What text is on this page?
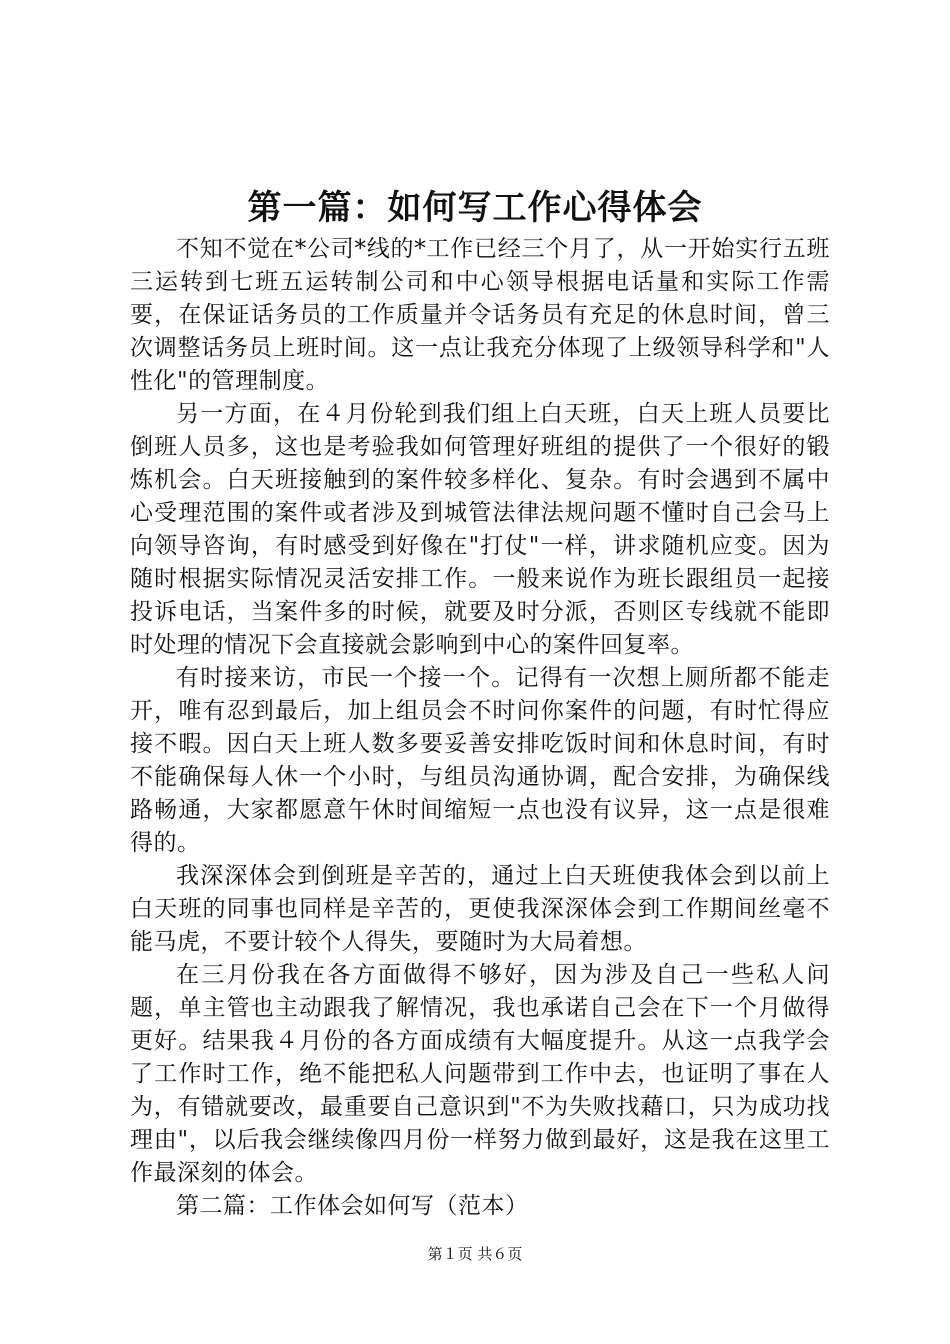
第一篇：如何写工作心得体会

不知不觉在*公司*线的*工作已经三个月了，从一开始实行五班三运转到七班五运转制公司和中心领导根据电话量和实际工作需要，在保证话务员的工作质量并令话务员有充足的休息时间，曾三次调整话务员上班时间。这一点让我充分体现了上级领导科学和"人性化"的管理制度。

另一方面，在４月份轮到我们组上白天班，白天上班人员要比倒班人员多，这也是考验我如何管理好班组的提供了一个很好的锻炼机会。白天班接触到的案件较多样化、复杂。有时会遇到不属中心受理范围的案件或者涉及到城管法律法规问题不懂时自己会马上向领导咨询，有时感受到好像在"打仗"一样，讲求随机应变。因为随时根据实际情况灵活安排工作。一般来说作为班长跟组员一起接投诉电话，当案件多的时候，就要及时分派，否则区专线就不能即时处理的情况下会直接就会影响到中心的案件回复率。

有时接来访，市民一个接一个。记得有一次想上厕所都不能走开，唯有忍到最后，加上组员会不时问你案件的问题，有时忙得应接不暇。因白天上班人数多要妥善安排吃饭时间和休息时间，有时不能确保每人休一个小时，与组员沟通协调，配合安排，为确保线路畅通，大家都愿意午休时间缩短一点也没有议异，这一点是很难得的。

我深深体会到倒班是辛苦的，通过上白天班使我体会到以前上白天班的同事也同样是辛苦的，更使我深深体会到工作期间丝毫不能马虎，不要计较个人得失，要随时为大局着想。

在三月份我在各方面做得不够好，因为涉及自己一些私人问题，单主管也主动跟我了解情况，我也承诺自己会在下一个月做得更好。结果我４月份的各方面成绩有大幅度提升。从这一点我学会了工作时工作，绝不能把私人问题带到工作中去，也证明了事在人为，有错就要改，最重要自己意识到"不为失败找藉口，只为成功找理由"，以后我会继续像四月份一样努力做到最好，这是我在这里工作最深刻的体会。

第二篇：工作体会如何写（范本）

第１页 共６页
